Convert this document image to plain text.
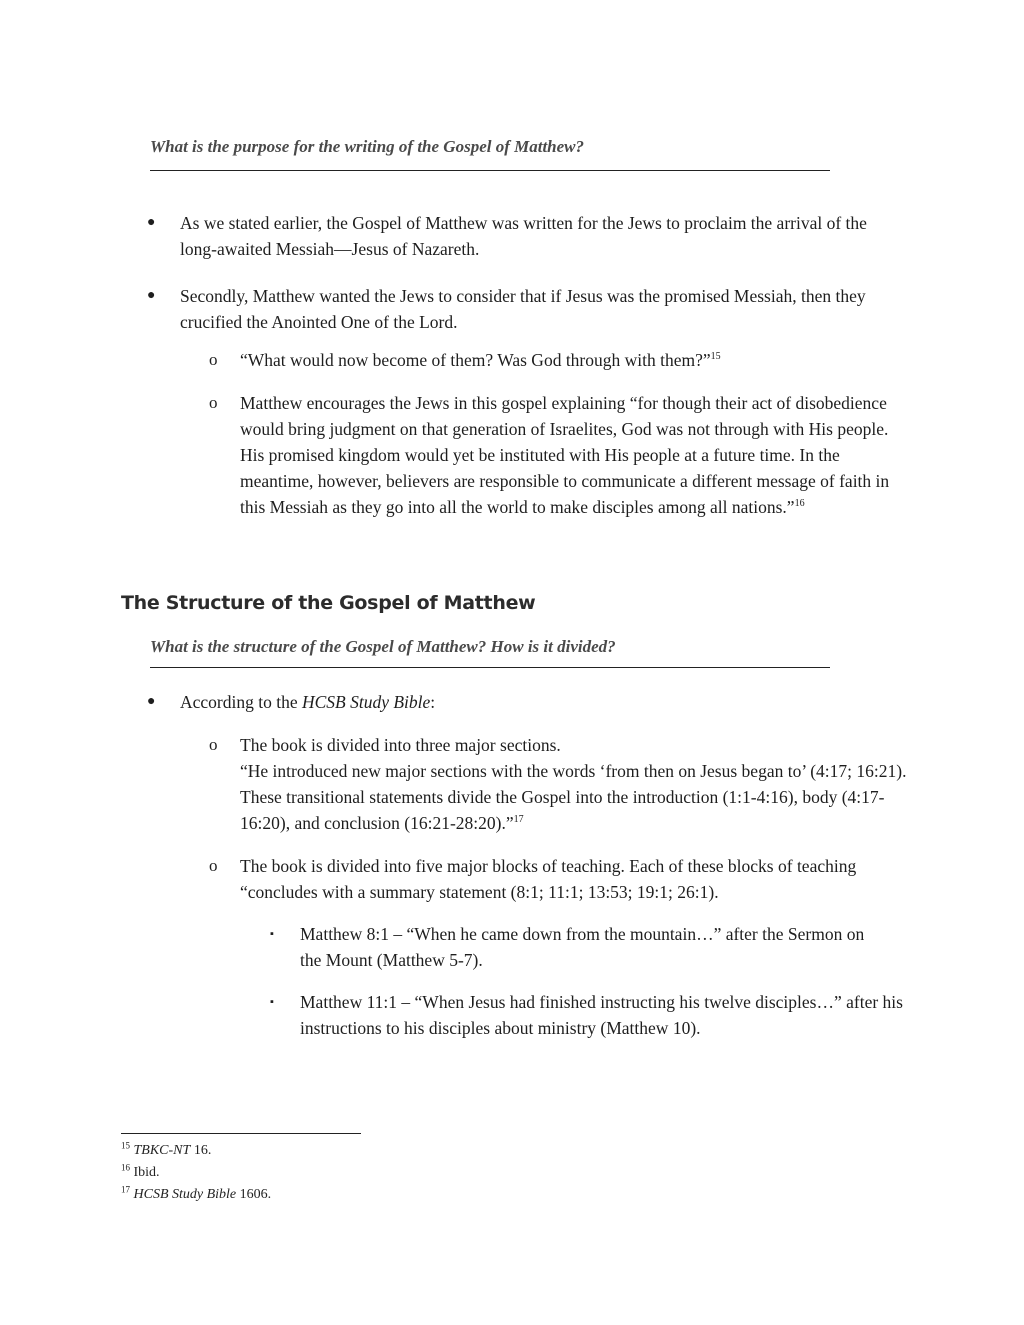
What is the purpose for the writing of the Gospel of Matthew?
● As we stated earlier, the Gospel of Matthew was written for the Jews to proclaim the arrival of the long-awaited Messiah—Jesus of Nazareth.
● Secondly, Matthew wanted the Jews to consider that if Jesus was the promised Messiah, then they crucified the Anointed One of the Lord.
o “What would now become of them? Was God through with them?”$^{15}$
o Matthew encourages the Jews in this gospel explaining “for though their act of disobedience would bring judgment on that generation of Israelites, God was not through with His people. His promised kingdom would yet be instituted with His people at a future time. In the meantime, however, believers are responsible to communicate a different message of faith in this Messiah as they go into all the world to make disciples among all nations.”$^{16}$
The Structure of the Gospel of Matthew
What is the structure of the Gospel of Matthew? How is it divided?
● According to the HCSB Study Bible:
o The book is divided into three major sections.
“He introduced new major sections with the words ‘from then on Jesus began to’ (4:17; 16:21). These transitional statements divide the Gospel into the introduction (1:1-4:16), body (4:17-16:20), and conclusion (16:21-28:20).”$^{17}$
o The book is divided into five major blocks of teaching. Each of these blocks of teaching “concludes with a summary statement (8:1; 11:1; 13:53; 19:1; 26:1).
▪ Matthew 8:1 – “When he came down from the mountain…” after the Sermon on the Mount (Matthew 5-7).
▪ Matthew 11:1 – “When Jesus had finished instructing his twelve disciples…” after his instructions to his disciples about ministry (Matthew 10).
$^{15}$ TBKC-NT 16.
$^{16}$ Ibid.
$^{17}$ HCSB Study Bible 1606.
